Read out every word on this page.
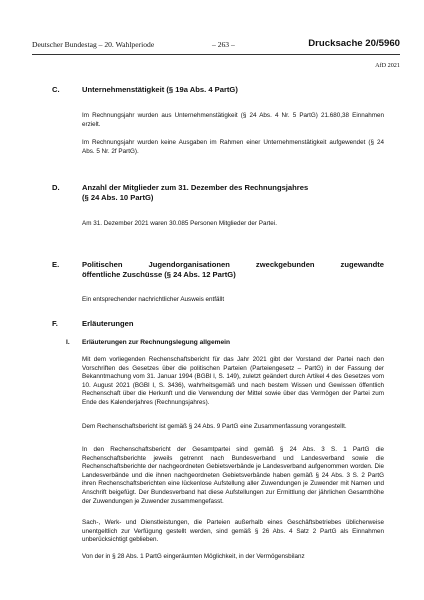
Deutscher Bundestag – 20. Wahlperiode	– 263 –	Drucksache 20/5960
AfD 2021
C.	Unternehmenstätigkeit (§ 19a Abs. 4 PartG)

Im Rechnungsjahr wurden aus Unternehmenstätigkeit (§ 24 Abs. 4 Nr. 5 PartG) 21.680,38 Einnahmen erzielt.

Im Rechnungsjahr wurden keine Ausgaben im Rahmen einer Unternehmenstätigkeit aufgewendet (§ 24 Abs. 5 Nr. 2f PartG).

D.	Anzahl der Mitglieder zum 31. Dezember des Rechnungsjahres
(§ 24 Abs. 10 PartG)

Am 31. Dezember 2021 waren 30.085 Personen Mitglieder der Partei.

E.	Politischen Jugendorganisationen zweckgebunden zugewandte
öffentliche Zuschüsse (§ 24 Abs. 12 PartG)

Ein entsprechender nachrichtlicher Ausweis entfällt

F.	Erläuterungen
I. Erläuterungen zur Rechnungslegung allgemein

Mit dem vorliegenden Rechenschaftsbericht für das Jahr 2021 gibt der Vorstand der Partei nach den Vorschriften des Gesetzes über die politischen Parteien (Parteiengesetz – PartG) in der Fassung der Bekanntmachung vom 31. Januar 1994 (BGBl I, S. 149), zuletzt geändert durch Artikel 4 des Gesetzes vom 10. August 2021 (BGBl I, S. 3436), wahrheitsgemäß und nach bestem Wissen und Gewissen öffentlich Rechenschaft über die Herkunft und die Verwendung der Mittel sowie über das Vermögen der Partei zum Ende des Kalenderjahres (Rechnungsjahres).

Dem Rechenschaftsbericht ist gemäß § 24 Abs. 9 PartG eine Zusammenfassung vorangestellt.

In den Rechenschaftsbericht der Gesamtpartei sind gemäß § 24 Abs. 3 S. 1 PartG die Rechenschaftsberichte jeweils getrennt nach Bundesverband und Landesverband sowie die Rechenschaftsberichte der nachgeordneten Gebietsverbände je Landesverband aufgenommen worden. Die Landesverbände und die ihnen nachgeordneten Gebietsverbände haben gemäß § 24 Abs. 3 S. 2 PartG ihren Rechenschaftsberichten eine lückenlose Aufstellung aller Zuwendungen je Zuwender mit Namen und Anschrift beigefügt. Der Bundesverband hat diese Aufstellungen zur Ermittlung der jährlichen Gesamthöhe der Zuwendungen je Zuwender zusammengefasst.

Sach-, Werk- und Dienstleistungen, die Parteien außerhalb eines Geschäftsbetriebes üblicherweise unentgeltlich zur Verfügung gestellt werden, sind gemäß § 26 Abs. 4 Satz 2 PartG als Einnahmen unberücksichtigt geblieben.

Von der in § 28 Abs. 1 PartG eingeräumten Möglichkeit, in der Vermögensbilanz
